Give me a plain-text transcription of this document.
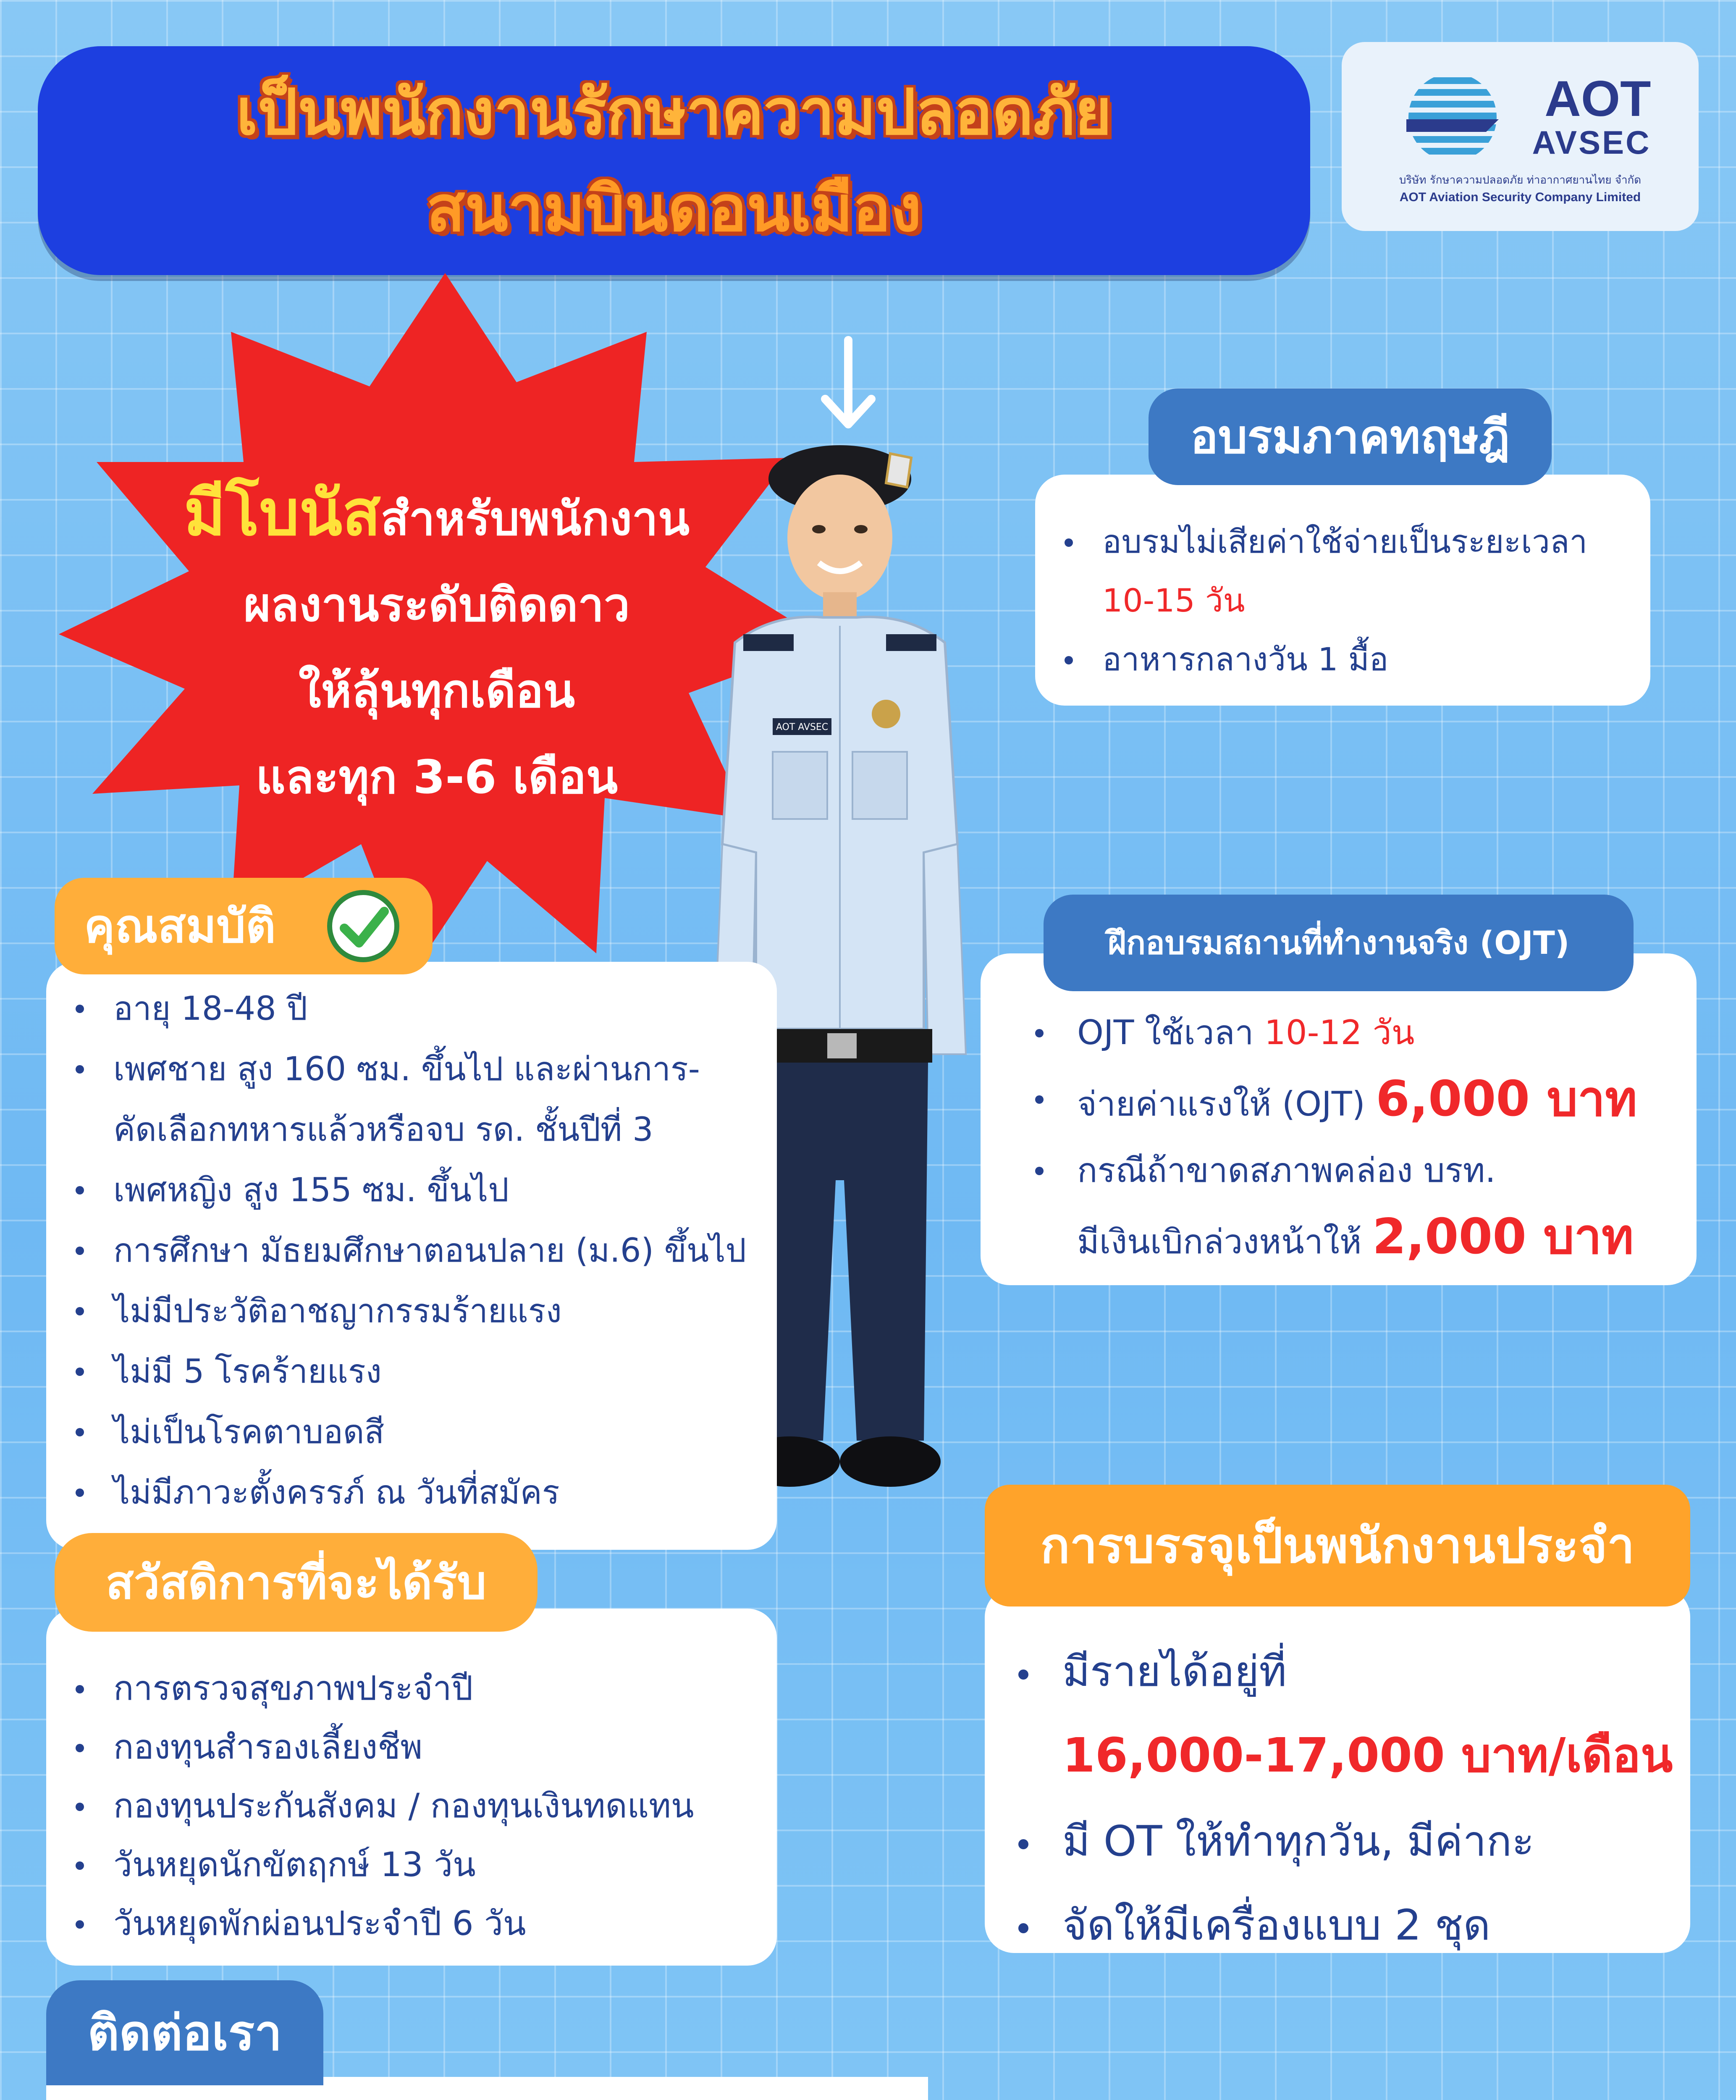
เป็นพนักงานรักษาความปลอดภัย
สนามบินดอนเมือง
AOT
AVSEC
บริษัท รักษาความปลอดภัย ท่าอากาศยานไทย จำกัด
AOT Aviation Security Company Limited
มีโบนัสสำหรับพนักงาน
ผลงานระดับติดดาว
ให้ลุ้นทุกเดือน
และทุก 3-6 เดือน
AOT AVSEC
อบรมไม่เสียค่าใช้จ่ายเป็นระยะเวลา
10-15 วัน
อาหารกลางวัน 1 มื้อ
อบรมภาคทฤษฎี
OJT ใช้เวลา 10-12 วัน
จ่ายค่าแรงให้ (OJT) 6,000 บาท
กรณีถ้าขาดสภาพคล่อง บรท.
มีเงินเบิกล่วงหน้าให้ 2,000 บาท
ฝึกอบรมสถานที่ทำงานจริง (OJT)
อายุ 18-48 ปี
เพศชาย สูง 160 ซม. ขึ้นไป และผ่านการ-
คัดเลือกทหารแล้วหรือจบ รด. ชั้นปีที่ 3
เพศหญิง สูง 155 ซม. ขึ้นไป
การศึกษา มัธยมศึกษาตอนปลาย (ม.6) ขึ้นไป
ไม่มีประวัติอาชญากรรมร้ายแรง
ไม่มี 5 โรคร้ายแรง
ไม่เป็นโรคตาบอดสี
ไม่มีภาวะตั้งครรภ์ ณ วันที่สมัคร
คุณสมบัติ
การตรวจสุขภาพประจำปี
กองทุนสำรองเลี้ยงชีพ
กองทุนประกันสังคม / กองทุนเงินทดแทน
วันหยุดนักขัตฤกษ์ 13 วัน
วันหยุดพักผ่อนประจำปี 6 วัน
สวัสดิการที่จะได้รับ
มีรายได้อยู่ที่
16,000-17,000 บาท/เดือน
มี OT ให้ทำทุกวัน, มีค่ากะ
จัดให้มีเครื่องแบบ 2 ชุด
การบรรจุเป็นพนักงานประจำ
ติดต่อเรา
